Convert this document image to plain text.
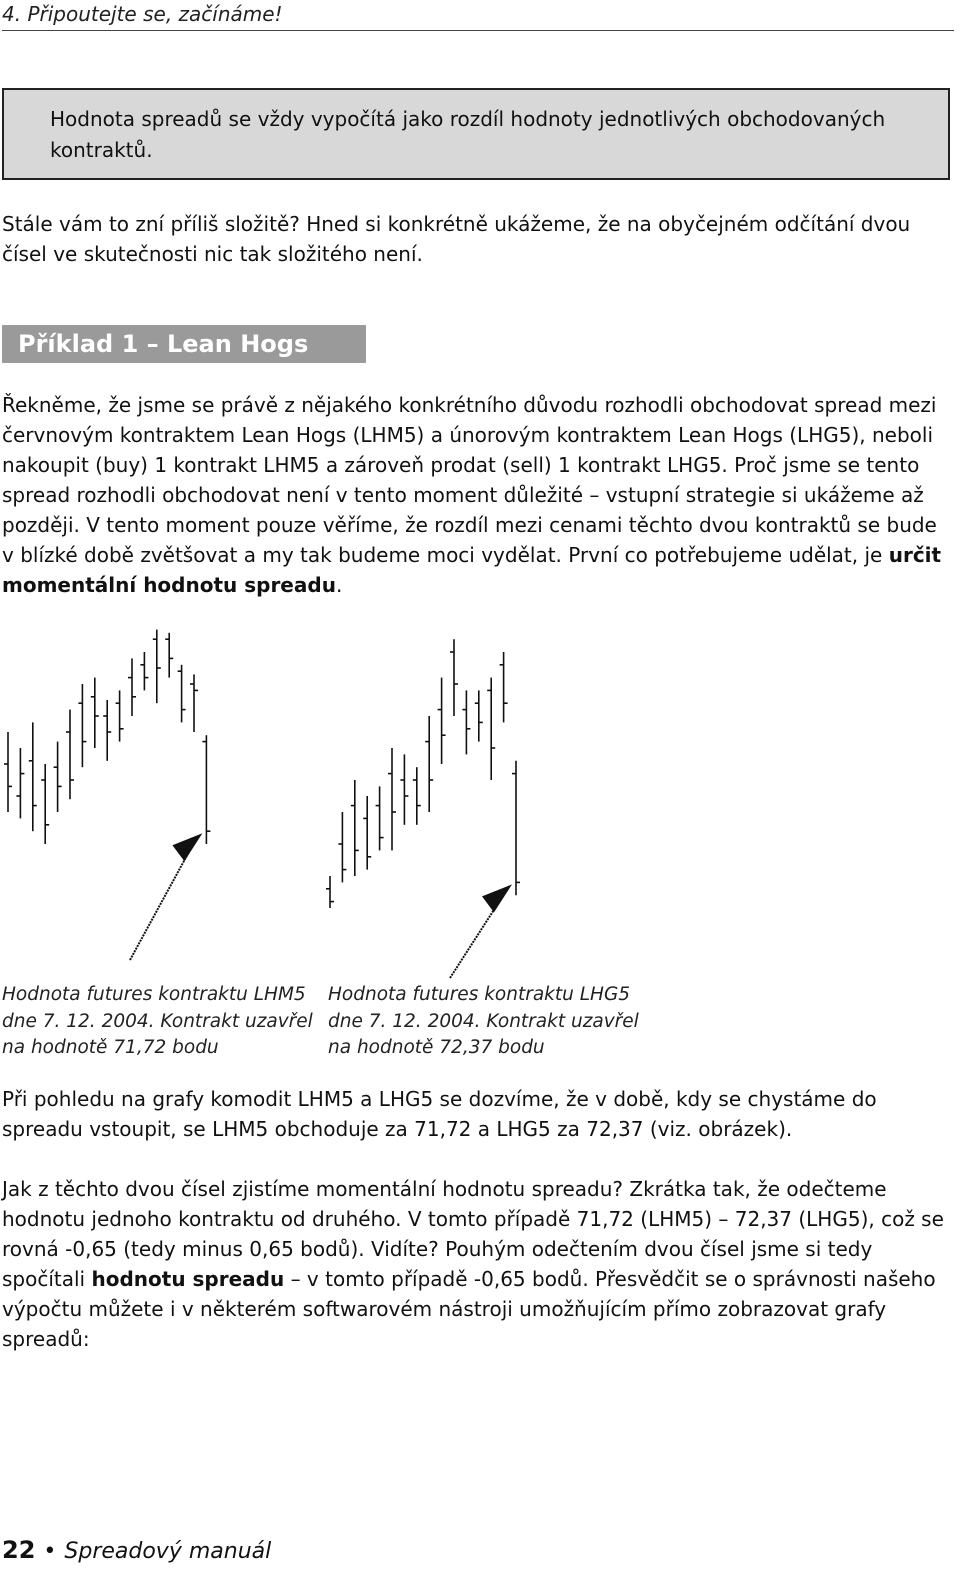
4. Připoutejte se, začínáme!

Hodnota spreadů se vždy vypočítá jako rozdíl hodnoty jednotlivých obchodovaných kontraktů.

Stále vám to zní příliš složitě? Hned si konkrétně ukážeme, že na obyčejném odčítání dvou čísel ve skutečnosti nic tak složitého není.

Příklad 1 – Lean Hogs

Řekněme, že jsme se právě z nějakého konkrétního důvodu rozhodli obchodovat spread mezi červnovým kontraktem Lean Hogs (LHM5) a únorovým kontraktem Lean Hogs (LHG5), neboli nakoupit (buy) 1 kontrakt LHM5 a zároveň prodat (sell) 1 kontrakt LHG5. Proč jsme se tento spread rozhodli obchodovat není v tento moment důležité – vstupní strategie si ukážeme až později. V tento moment pouze věříme, že rozdíl mezi cenami těchto dvou kontraktů se bude v blízké době zvětšovat a my tak budeme moci vydělat. První co potřebujeme udělat, je určit momentální hodnotu spreadu.

Hodnota futures kontraktu LHM5
dne 7. 12. 2004. Kontrakt uzavřel
na hodnotě 71,72 bodu
Hodnota futures kontraktu LHG5
dne 7. 12. 2004. Kontrakt uzavřel
na hodnotě 72,37 bodu

Při pohledu na grafy komodit LHM5 a LHG5 se dozvíme, že v době, kdy se chystáme do spreadu vstoupit, se LHM5 obchoduje za 71,72 a LHG5 za 72,37 (viz. obrázek).

Jak z těchto dvou čísel zjistíme momentální hodnotu spreadu? Zkrátka tak, že odečteme hodnotu jednoho kontraktu od druhého. V tomto případě 71,72 (LHM5) – 72,37 (LHG5), což se rovná -0,65 (tedy minus 0,65 bodů). Vidíte? Pouhým odečtením dvou čísel jsme si tedy spočítali hodnotu spreadu – v tomto případě -0,65 bodů. Přesvědčit se o správnosti našeho výpočtu můžete i v některém softwarovém nástroji umožňujícím přímo zobrazovat grafy spreadů:

22 • Spreadový manuál
